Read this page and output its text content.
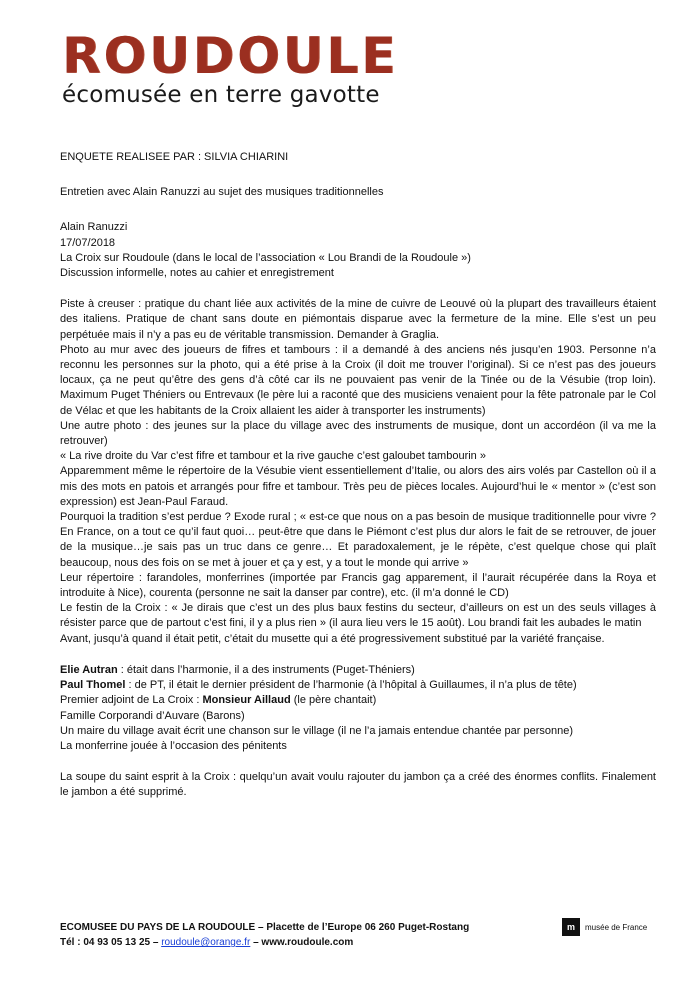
ROUDOULE
écomusée en terre gavotte

ENQUETE REALISEE PAR : SILVIA CHIARINI

Entretien avec Alain Ranuzzi au sujet des musiques traditionnelles

Alain Ranuzzi

17/07/2018

La Croix sur Roudoule (dans le local de l’association « Lou Brandi de la Roudoule »)

Discussion informelle, notes au cahier et enregistrement

Piste à creuser : pratique du chant liée aux activités de la mine de cuivre de Leouvé où la plupart des travailleurs étaient des italiens. Pratique de chant sans doute en piémontais disparue avec la fermeture de la mine. Elle s’est un peu perpétuée mais il n’y a pas eu de véritable transmission. Demander à Graglia.

Photo au mur avec des joueurs de fifres et tambours : il a demandé à des anciens nés jusqu’en 1903. Personne n’a reconnu les personnes sur la photo, qui a été prise à la Croix (il doit me trouver l’original). Si ce n’est pas des joueurs locaux, ça ne peut qu’être des gens d’à côté car ils ne pouvaient pas venir de la Tinée ou de la Vésubie (trop loin). Maximum Puget Théniers ou Entrevaux (le père lui a raconté que des musiciens venaient pour la fête patronale par le Col de Vélac et que les habitants de la Croix allaient les aider à transporter les instruments)

Une autre photo : des jeunes sur la place du village avec des instruments de musique, dont un accordéon (il va me la retrouver)

« La rive droite du Var c’est fifre et tambour et la rive gauche c’est galoubet tambourin »

Apparemment même le répertoire de la Vésubie vient essentiellement d’Italie, ou alors des airs volés par Castellon où il a mis des mots en patois et arrangés pour fifre et tambour. Très peu de pièces locales. Aujourd’hui le « mentor » (c’est son expression) est Jean-Paul Faraud.

Pourquoi la tradition s’est perdue ? Exode rural ; « est-ce que nous on a pas besoin de musique traditionnelle pour vivre ? En France, on a tout ce qu’il faut quoi… peut-être que dans le Piémont c’est plus dur alors le fait de se retrouver, de jouer de la musique…je sais pas un truc dans ce genre… Et paradoxalement, je le répète, c’est quelque chose qui plaît beaucoup, nous des fois on se met à jouer et ça y est, y a tout le monde qui arrive »

Leur répertoire : farandoles, monferrines (importée par Francis gag apparement, il l’aurait récupérée dans la Roya et introduite à Nice), courenta (personne ne sait la danser par contre), etc. (il m’a donné le CD)

Le festin de la Croix : « Je dirais que c’est un des plus baux festins du secteur, d’ailleurs on est un des seuls villages à résister parce que de partout c’est fini, il y a plus rien » (il aura lieu vers le 15 août). Lou brandi fait les aubades le matin

Avant, jusqu’à quand il était petit, c’était du musette qui a été progressivement substitué par la variété française.

Elie Autran : était dans l’harmonie, il a des instruments (Puget-Théniers)

Paul Thomel : de PT, il était le dernier président de l’harmonie (à l’hôpital à Guillaumes, il n’a plus de tête)

Premier adjoint de La Croix : Monsieur Aillaud (le père chantait)

Famille Corporandi d’Auvare (Barons)

Un maire du village avait écrit une chanson sur le village (il ne l’a jamais entendue chantée par personne)

La monferrine jouée à l’occasion des pénitents

La soupe du saint esprit à la Croix : quelqu’un avait voulu rajouter du jambon ça a créé des énormes conflits. Finalement le jambon a été supprimé.

ECOMUSEE DU PAYS DE LA ROUDOULE – Placette de l’Europe 06 260 Puget-Rostang
Tél : 04 93 05 13 25 – roudoule@orange.fr – www.roudoule.com
m	musée de France
